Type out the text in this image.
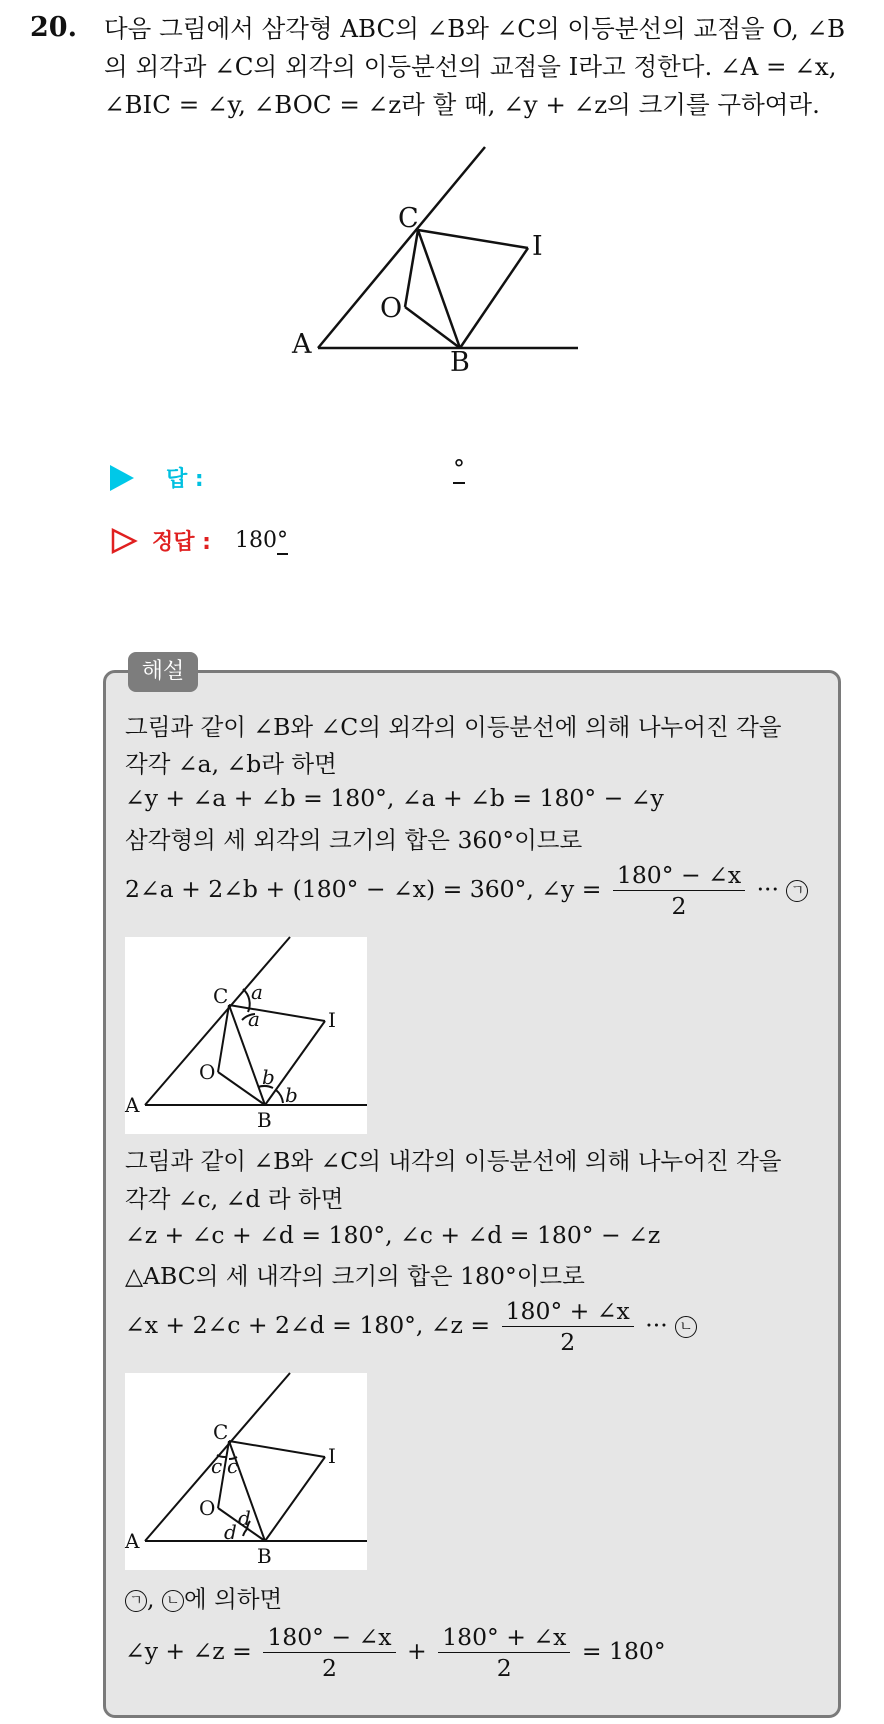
20. 다음 그림에서 삼각형 ABC의 ∠B와 ∠C의 이등분선의 교점을 O, ∠B
의 외각과 ∠C의 외각의 이등분선의 교점을 I라고 정한다. ∠A = ∠x,
∠BIC = ∠y, ∠BOC = ∠z라 할 때, ∠y + ∠z의 크기를 구하여라.
A
B
C
O
I
답 :	°
정답 : 180°
해설
그림과 같이 ∠B와 ∠C의 외각의 이등분선에 의해 나누어진 각을
각각 ∠a, ∠b라 하면
∠y + ∠a + ∠b = 180°, ∠a + ∠b = 180° − ∠y
삼각형의 세 외각의 크기의 합은 360°이므로
2∠a + 2∠b + (180° − ∠x) = 360°, ∠y = $\frac{180^\circ - \angle x}{2}$ ··· ㄱ
A
B
C
O
I
a
a
b
b
그림과 같이 ∠B와 ∠C의 내각의 이등분선에 의해 나누어진 각을
각각 ∠c, ∠d 라 하면
∠z + ∠c + ∠d = 180°, ∠c + ∠d = 180° − ∠z
△ABC의 세 내각의 크기의 합은 180°이므로
∠x + 2∠c + 2∠d = 180°, ∠z = $\frac{180^\circ + \angle x}{2}$ ··· ㄴ
A
B
C
O
I
c c
d
d
ㄱ , ㄴ 에 의하면
∠y + ∠z = $\frac{180^\circ - \angle x}{2} + \frac{180^\circ + \angle x}{2} = 180^\circ$
